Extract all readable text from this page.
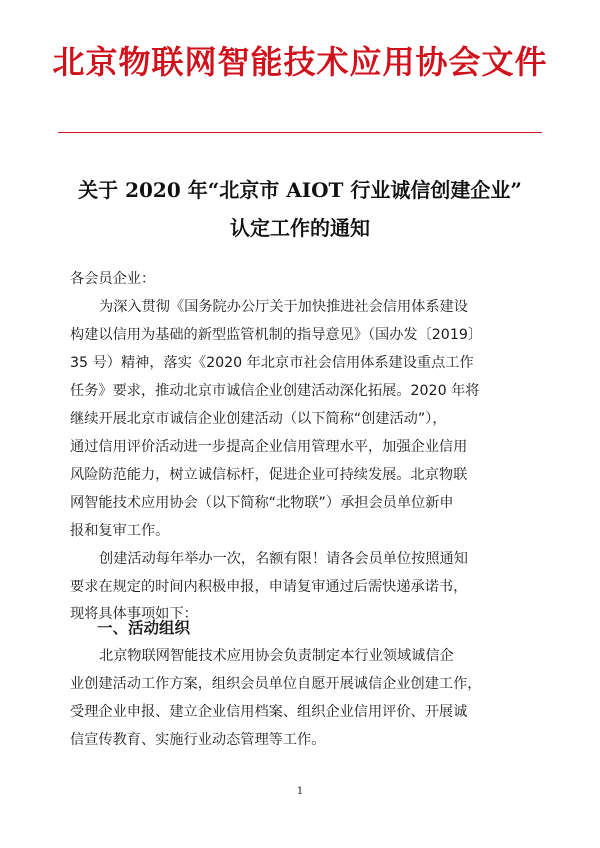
北京物联网智能技术应用协会文件
关于 2020 年“北京市 AIOT 行业诚信创建企业”
认定工作的通知
各会员企业：
为深入贯彻《国务院办公厅关于加快推进社会信用体系建设
构建以信用为基础的新型监管机制的指导意见》（国办发〔2019〕
35 号）精神，落实《2020 年北京市社会信用体系建设重点工作
任务》要求，推动北京市诚信企业创建活动深化拓展。2020 年将
继续开展北京市诚信企业创建活动（以下简称“创建活动”），
通过信用评价活动进一步提高企业信用管理水平，加强企业信用
风险防范能力，树立诚信标杆，促进企业可持续发展。北京物联
网智能技术应用协会（以下简称“北物联”）承担会员单位新申
报和复审工作。
创建活动每年举办一次，名额有限！请各会员单位按照通知
要求在规定的时间内积极申报，申请复审通过后需快递承诺书，
现将具体事项如下：
一、活动组织
北京物联网智能技术应用协会负责制定本行业领域诚信企
业创建活动工作方案，组织会员单位自愿开展诚信企业创建工作，
受理企业申报、建立企业信用档案、组织企业信用评价、开展诚
信宣传教育、实施行业动态管理等工作。
1
